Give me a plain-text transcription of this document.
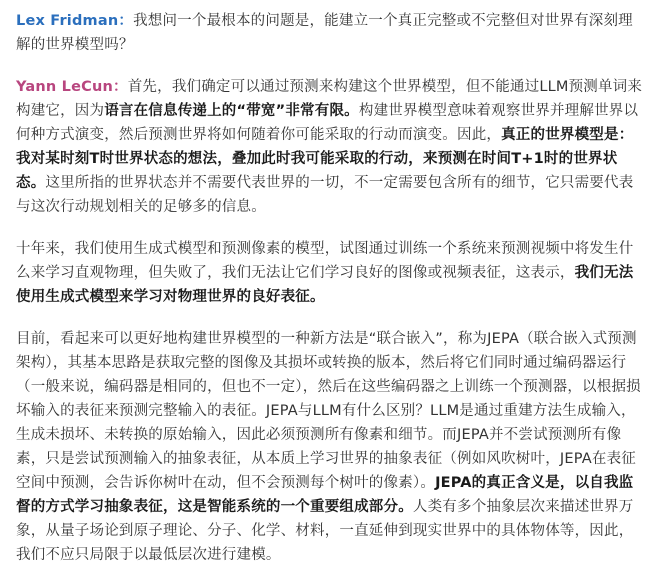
Lex Fridman：我想问一个最根本的问题是，能建立一个真正完整或不完整但对世界有深刻理解的世界模型吗？

Yann LeCun：首先，我们确定可以通过预测来构建这个世界模型，但不能通过LLM预测单词来构建它，因为语言在信息传递上的“带宽”非常有限。构建世界模型意味着观察世界并理解世界以何种方式演变，然后预测世界将如何随着你可能采取的行动而演变。因此，真正的世界模型是：我对某时刻T时世界状态的想法，叠加此时我可能采取的行动，来预测在时间T+1时的世界状态。这里所指的世界状态并不需要代表世界的一切，不一定需要包含所有的细节，它只需要代表与这次行动规划相关的足够多的信息。

十年来，我们使用生成式模型和预测像素的模型，试图通过训练一个系统来预测视频中将发生什么来学习直观物理，但失败了，我们无法让它们学习良好的图像或视频表征，这表示，我们无法使用生成式模型来学习对物理世界的良好表征。

目前，看起来可以更好地构建世界模型的一种新方法是“联合嵌入”，称为JEPA（联合嵌入式预测架构），其基本思路是获取完整的图像及其损坏或转换的版本，然后将它们同时通过编码器运行（一般来说，编码器是相同的，但也不一定），然后在这些编码器之上训练一个预测器，以根据损坏输入的表征来预测完整输入的表征。JEPA与LLM有什么区别？LLM是通过重建方法生成输入，生成未损坏、未转换的原始输入，因此必须预测所有像素和细节。而JEPA并不尝试预测所有像素，只是尝试预测输入的抽象表征，从本质上学习世界的抽象表征（例如风吹树叶，JEPA在表征空间中预测，会告诉你树叶在动，但不会预测每个树叶的像素）。JEPA的真正含义是，以自我监督的方式学习抽象表征，这是智能系统的一个重要组成部分。人类有多个抽象层次来描述世界万象，从量子场论到原子理论、分子、化学、材料，一直延伸到现实世界中的具体物体等，因此，我们不应只局限于以最低层次进行建模。
